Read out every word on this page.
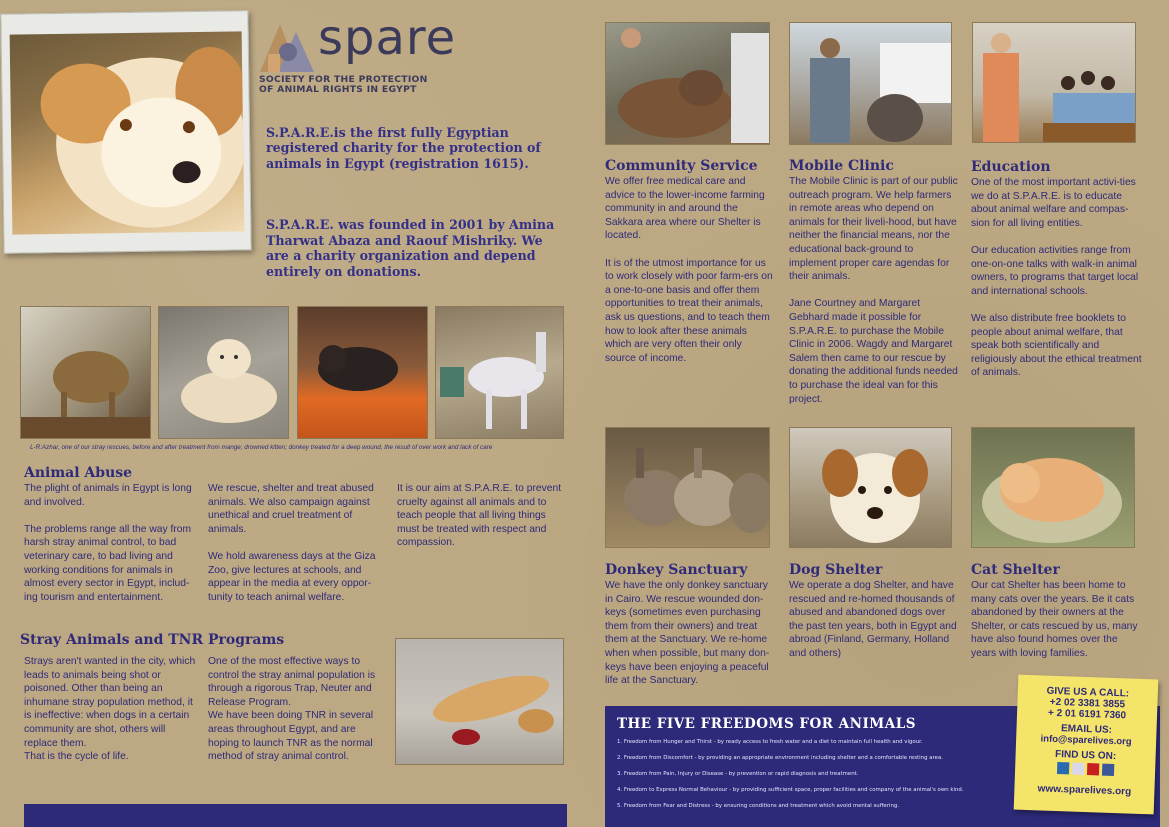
spare
SOCIETY FOR THE PROTECTION
OF ANIMAL RIGHTS IN EGYPT

S.P.A.R.E.is the first fully Egyptian registered charity for the protection of animals in Egypt (registration 1615).

S.P.A.R.E. was founded in 2001 by Amina Tharwat Abaza and Raouf Mishriky. We are a charity organization and depend entirely on donations.

L-R:Azhar, one of our stray rescues, before and after treatment from mange; drowned kitten; donkey treated for a deep wound, the result of over work and lack of care
Animal Abuse
The plight of animals in Egypt is long and involved.

The problems range all the way from harsh stray animal control, to bad veterinary care, to bad living and working conditions for animals in almost every sector in Egypt, includ-ing tourism and entertainment.
We rescue, shelter and treat abused animals. We also campaign against unethical and cruel treatment of animals.

We hold awareness days at the Giza Zoo, give lectures at schools, and appear in the media at every oppor-tunity to teach animal welfare.
It is our aim at S.P.A.R.E. to prevent cruelty against all animals and to teach people that all living things must be treated with respect and compassion.
Stray Animals and TNR Programs
Strays aren't wanted in the city, which leads to animals being shot or poisoned. Other than being an inhumane stray population method, it is ineffective: when dogs in a certain community are shot, others will replace them.
That is the cycle of life.
One of the most effective ways to control the stray animal population is through a rigorous Trap, Neuter and Release Program.
We have been doing TNR in several areas throughout Egypt, and are hoping to launch TNR as the normal method of stray animal control.
Community Service
We offer free medical care and advice to the lower-income farming community in and around the Sakkara area where our Shelter is located.

It is of the utmost importance for us to work closely with poor farm-ers on a one-to-one basis and offer them opportunities to treat their animals, ask us questions, and to teach them how to look after these animals which are very often their only source of income.
Mobile Clinic
The Mobile Clinic is part of our public outreach program. We help farmers in remote areas who depend on animals for their liveli-hood, but have neither the financial means, nor the educational back-ground to implement proper care agendas for their animals.

Jane Courtney and Margaret Gebhard made it possible for S.P.A.R.E. to purchase the Mobile Clinic in 2006. Wagdy and Margaret Salem then came to our rescue by donating the additional funds needed to purchase the ideal van for this project.
Education
One of the most important activi-ties we do at S.P.A.R.E. is to educate about animal welfare and compas-sion for all living entities.

Our education activities range from one-on-one talks with walk-in animal owners, to programs that target local and international schools.

We also distribute free booklets to people about animal welfare, that speak both scientifically and religiously about the ethical treatment of animals.
Donkey Sanctuary
We have the only donkey sanctuary in Cairo. We rescue wounded don-keys (sometimes even purchasing them from their owners) and treat them at the Sanctuary. We re-home when when possible, but many don-keys have been enjoying a peaceful life at the Sanctuary.
Dog Shelter
We operate a dog Shelter, and have rescued and re-homed thousands of abused and abandoned dogs over the past ten years, both in Egypt and abroad (Finland, Germany, Holland and others)
Cat Shelter
Our cat Shelter has been home to many cats over the years. Be it cats abandoned by their owners at the Shelter, or cats rescued by us, many have also found homes over the years with loving families.
THE FIVE FREEDOMS FOR ANIMALS
1. Freedom from Hunger and Thirst - by ready access to fresh water and a diet to maintain full health and vigour.
2. Freedom from Discomfort - by providing an appropriate environment including shelter and a comfortable resting area.
3. Freedom from Pain, Injury or Disease - by prevention or rapid diagnosis and treatment.
4. Freedom to Express Normal Behaviour - by providing sufficient space, proper facilities and company of the animal's own kind.
5. Freedom from Fear and Distress - by ensuring conditions and treatment which avoid mental suffering.
GIVE US A CALL:
+2 02 3381 3855
+ 2 01 6191 7360
EMAIL US:
info@sparelives.org
FIND US ON:
www.sparelives.org
